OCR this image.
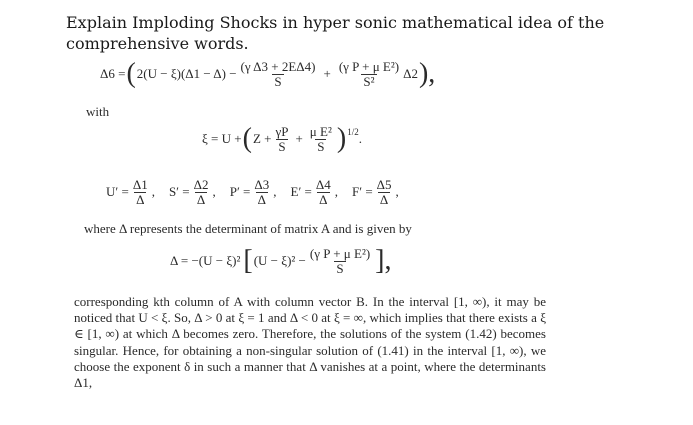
Explain Imploding Shocks in hyper sonic mathematical idea of the comprehensive words.
Δ6 = ( $2(U - \xi)(\Delta 1 - \Delta) - \frac{\text{(γ Δ3 + 2EΔ4)}}{S} + \frac{\text{(γ P + μ E²)}}{\text{S²}} \Delta 2$ ),
with
ξ = U + ( $Z + \frac{\gamma P}{S} + \frac{\text{μ E²}}{S}$ ) 1/2 .
$U' = \frac{\Delta 1}{\Delta}$ , $S' = \frac{\Delta 2}{\Delta}$ , $P' = \frac{\Delta 3}{\Delta}$ , $E' = \frac{\Delta 4}{\Delta}$ , $F' = \frac{\Delta 5}{\Delta}$ ,
where Δ represents the determinant of matrix A and is given by
Δ = −(U − ξ)² [ $(U - \xi)^2 - \frac{\text{(γ P + μ E²)}}{S}$ ],

corresponding kth column of A with column vector B. In the interval [1, ∞), it may be noticed that U < ξ. So, Δ > 0 at ξ = 1 and Δ < 0 at ξ = ∞, which implies that there exists a ξ ∈ [1, ∞) at which Δ becomes zero. Therefore, the solutions of the system (1.42) becomes singular. Hence, for obtaining a non-singular solution of (1.41) in the interval [1, ∞), we choose the exponent δ in such a manner that Δ vanishes at a point, where the determinants Δ1,
